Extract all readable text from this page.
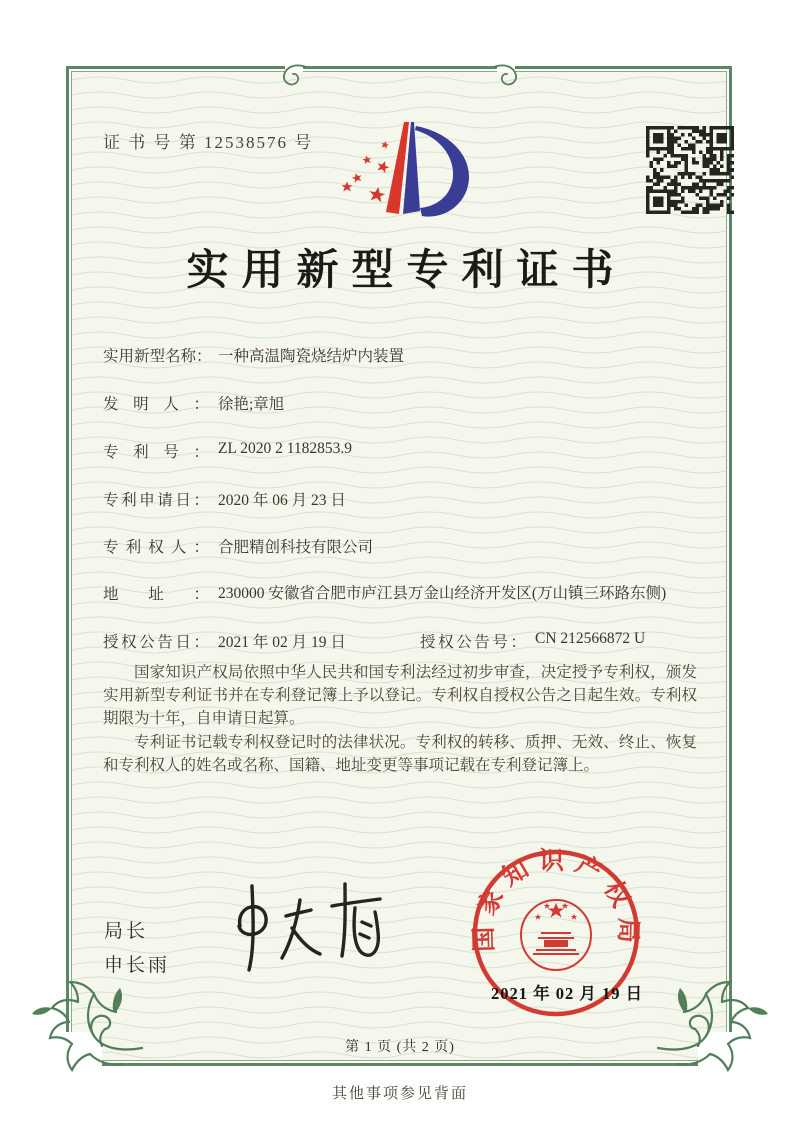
证 书 号 第 12538576 号
实用新型专利证书
实用新型名称： 一种高温陶瓷烧结炉内装置
发明人： 徐艳;章旭
专利号： ZL 2020 2 1182853.9
专利申请日： 2020 年 06 月 23 日
专利权人： 合肥精创科技有限公司
地址： 230000 安徽省合肥市庐江县万金山经济开发区(万山镇三环路东侧)
授权公告日： 2021 年 02 月 19 日	授权公告号： CN 212566872 U

国家知识产权局依照中华人民共和国专利法经过初步审查，决定授予专利权，颁发实用新型专利证书并在专利登记簿上予以登记。专利权自授权公告之日起生效。专利权期限为十年，自申请日起算。

专利证书记载专利权登记时的法律状况。专利权的转移、质押、无效、终止、恢复和专利权人的姓名或名称、国籍、地址变更等事项记载在专利登记簿上。

局长
申长雨
国家知识产权局
2021 年 02 月 19 日
第 1 页 (共 2 页)
其他事项参见背面
